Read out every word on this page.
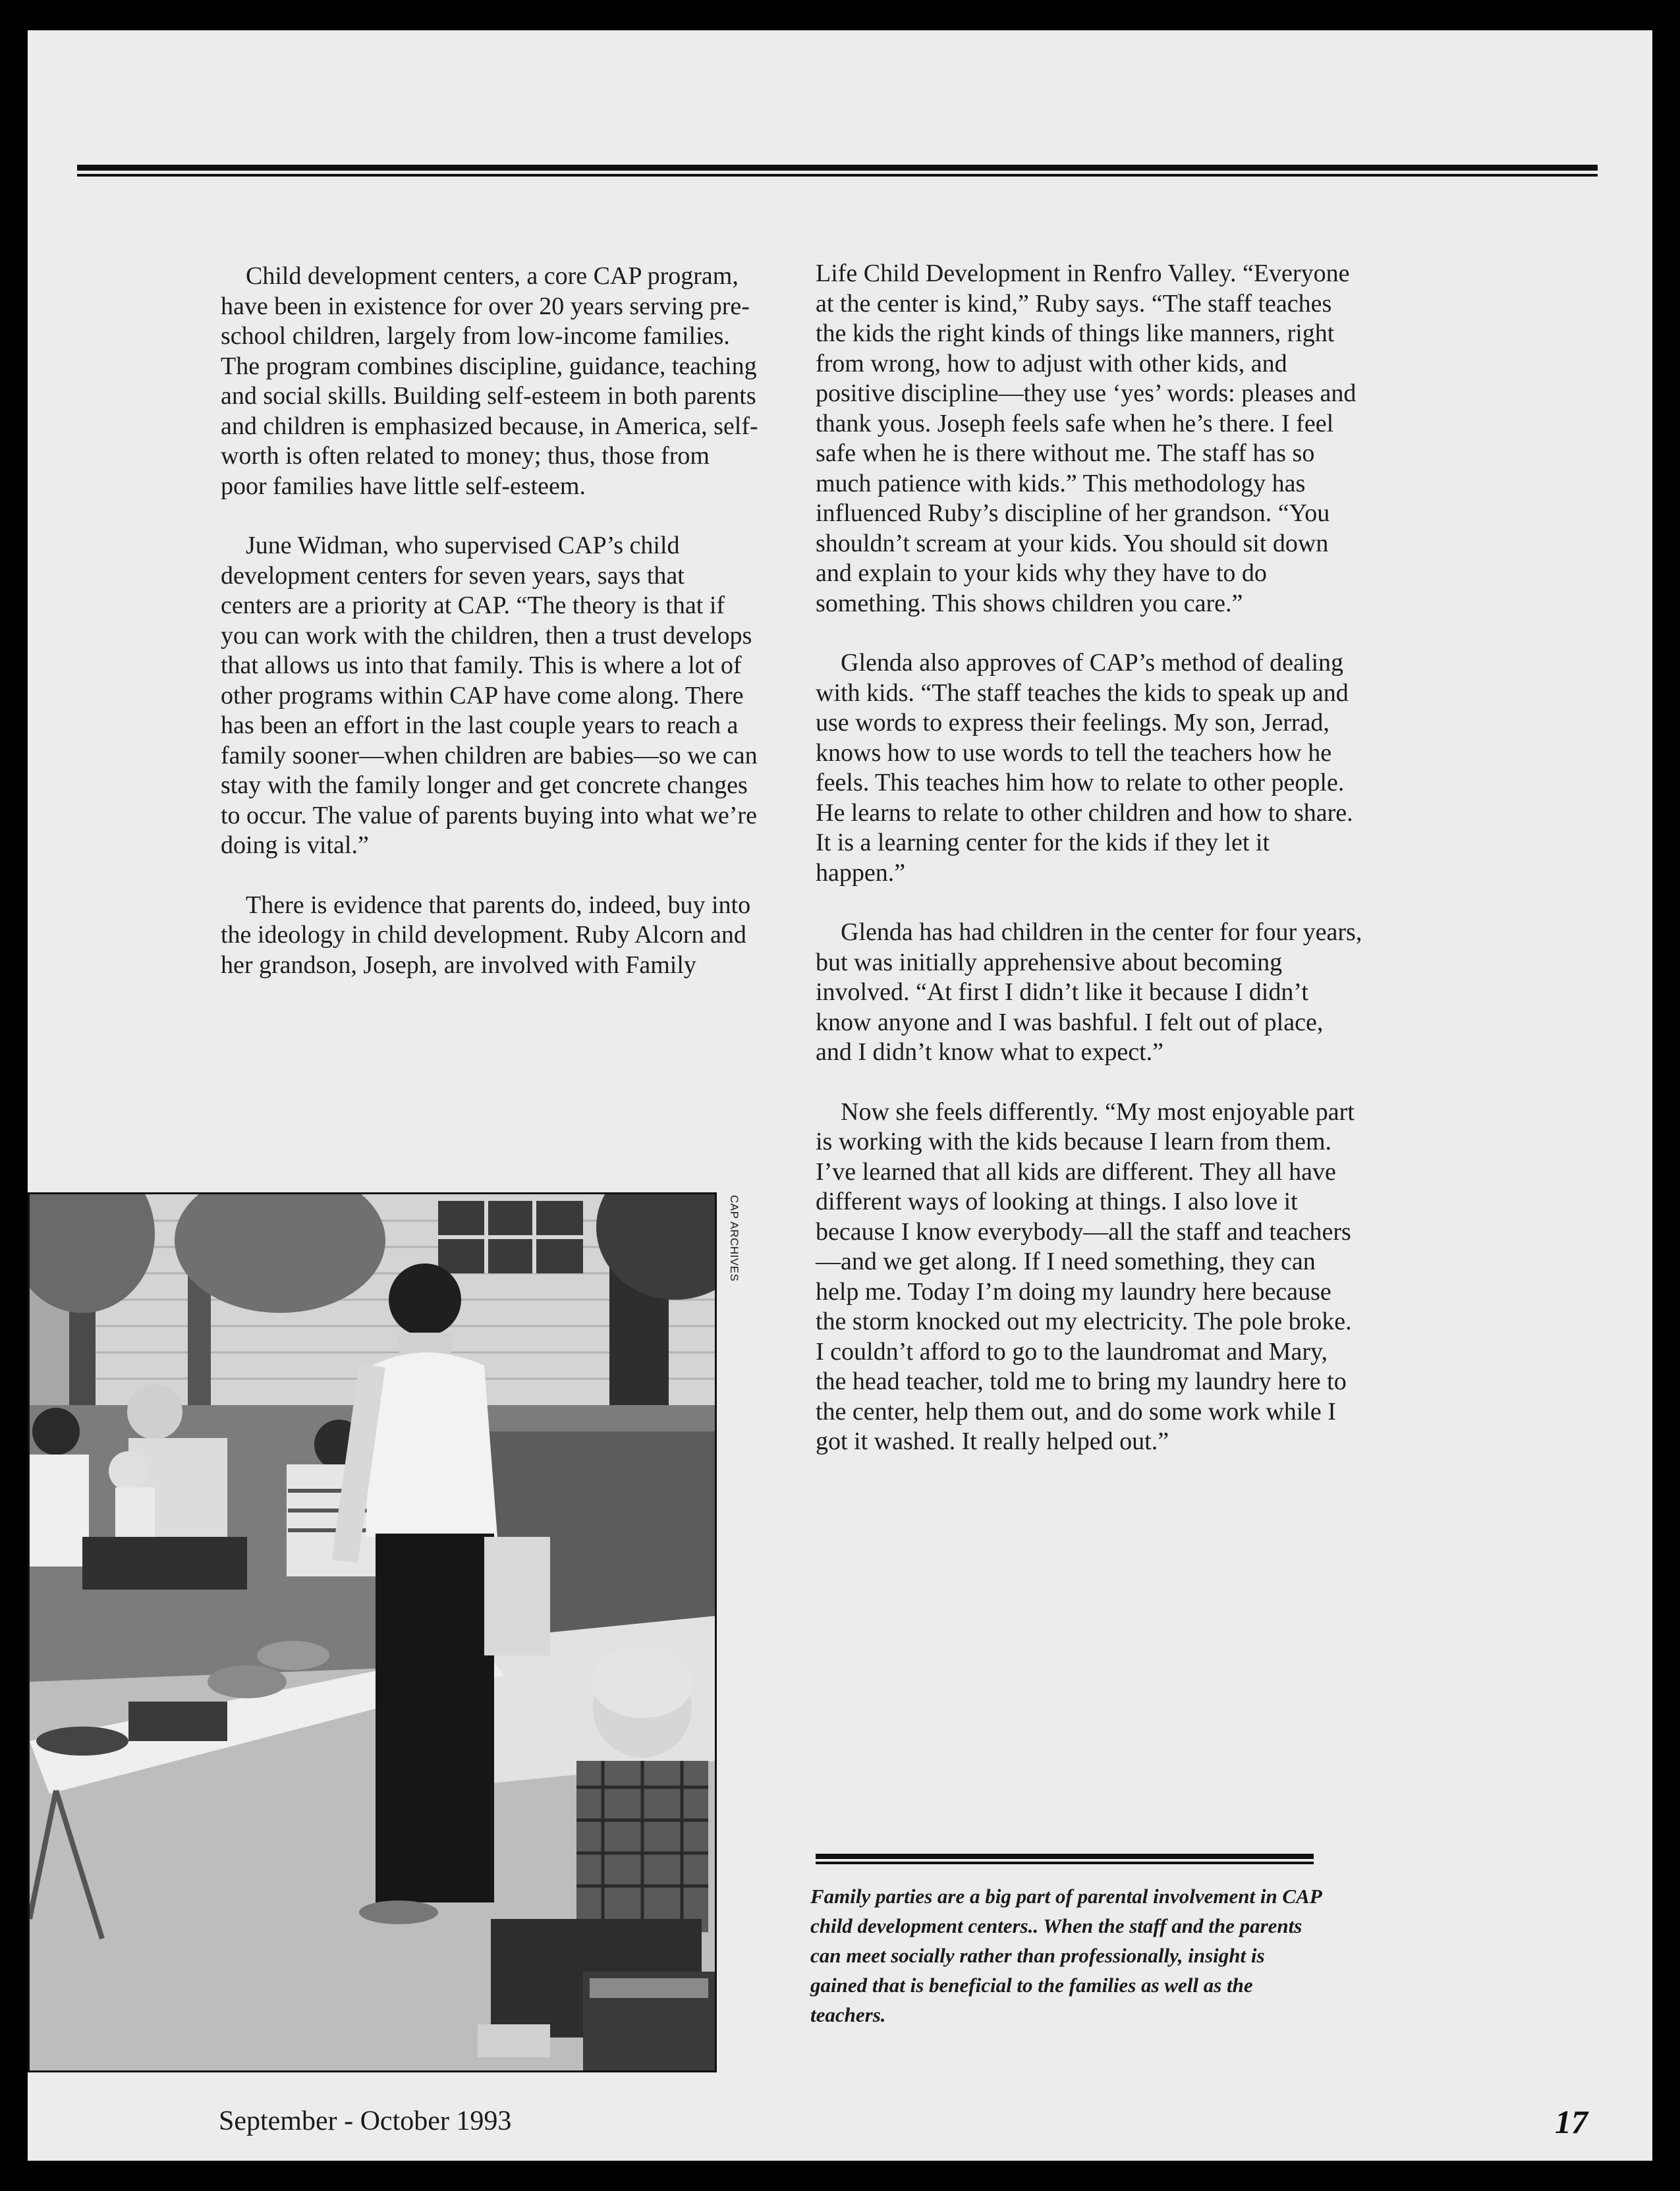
Child development centers, a core CAP program, have been in existence for over 20 years serving pre-school children, largely from low-income families. The program combines discipline, guidance, teaching and social skills. Building self-esteem in both parents and children is emphasized because, in America, self-worth is often related to money; thus, those from poor families have little self-esteem.

June Widman, who supervised CAP’s child development centers for seven years, says that centers are a priority at CAP. “The theory is that if you can work with the children, then a trust develops that allows us into that family. This is where a lot of other programs within CAP have come along. There has been an effort in the last couple years to reach a family sooner—when children are babies—so we can stay with the family longer and get concrete changes to occur. The value of parents buying into what we’re doing is vital.”

There is evidence that parents do, indeed, buy into the ideology in child development. Ruby Alcorn and her grandson, Joseph, are involved with Family

Life Child Development in Renfro Valley. “Everyone at the center is kind,” Ruby says. “The staff teaches the kids the right kinds of things like manners, right from wrong, how to adjust with other kids, and positive discipline—they use ‘yes’ words: pleases and thank yous. Joseph feels safe when he’s there. I feel safe when he is there without me. The staff has so much patience with kids.” This methodology has influenced Ruby’s discipline of her grandson. “You shouldn’t scream at your kids. You should sit down and explain to your kids why they have to do something. This shows children you care.”

Glenda also approves of CAP’s method of dealing with kids. “The staff teaches the kids to speak up and use words to express their feelings. My son, Jerrad, knows how to use words to tell the teachers how he feels. This teaches him how to relate to other people. He learns to relate to other children and how to share. It is a learning center for the kids if they let it happen.”

Glenda has had children in the center for four years, but was initially apprehensive about becoming involved. “At first I didn’t like it because I didn’t know anyone and I was bashful. I felt out of place, and I didn’t know what to expect.”

Now she feels differently. “My most enjoyable part is working with the kids because I learn from them. I’ve learned that all kids are different. They all have different ways of looking at things. I also love it because I know everybody—all the staff and teachers—and we get along. If I need something, they can help me. Today I’m doing my laundry here because the storm knocked out my electricity. The pole broke. I couldn’t afford to go to the laundromat and Mary, the head teacher, told me to bring my laundry here to the center, help them out, and do some work while I got it washed. It really helped out.”

CAP ARCHIVES
Family parties are a big part of parental involvement in CAP child development centers.. When the staff and the parents can meet socially rather than professionally, insight is gained that is beneficial to the families as well as the teachers.
September - October 1993	17
